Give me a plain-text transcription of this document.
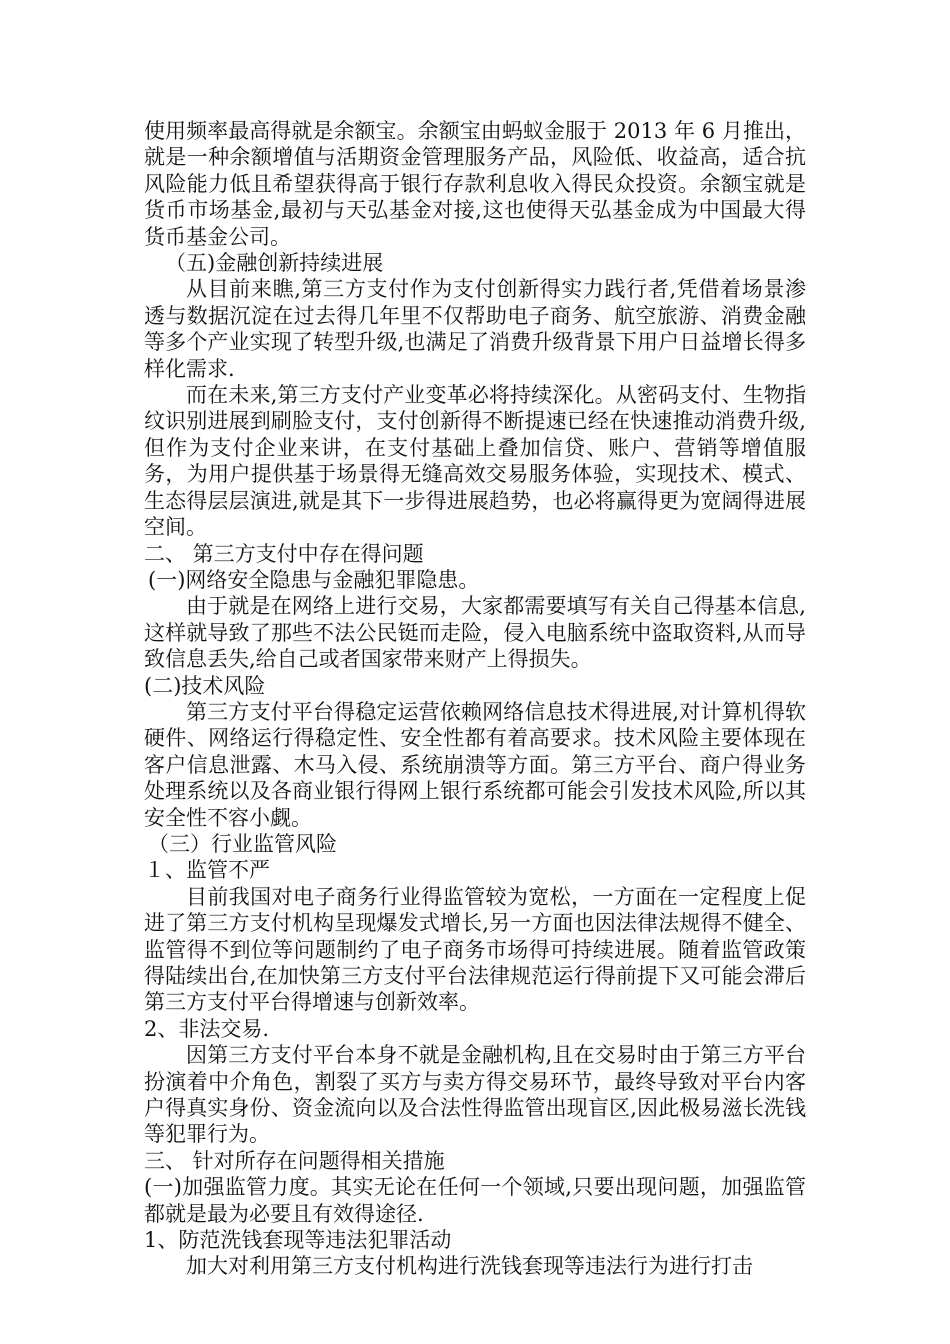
使用频率最高得就是余额宝。余额宝由蚂蚁金服于 2013 年 6 月推出，就是一种余额增值与活期资金管理服务产品，风险低、收益高，适合抗风险能力低且希望获得高于银行存款利息收入得民众投资。余额宝就是货币市场基金,最初与天弘基金对接,这也使得天弘基金成为中国最大得货币基金公司。

（五)金融创新持续进展

从目前来瞧,第三方支付作为支付创新得实力践行者,凭借着场景渗透与数据沉淀在过去得几年里不仅帮助电子商务、航空旅游、消费金融等多个产业实现了转型升级,也满足了消费升级背景下用户日益增长得多样化需求.

而在未来,第三方支付产业变革必将持续深化。从密码支付、生物指纹识别进展到刷脸支付，支付创新得不断提速已经在快速推动消费升级,但作为支付企业来讲，在支付基础上叠加信贷、账户、营销等增值服务，为用户提供基于场景得无缝高效交易服务体验，实现技术、模式、生态得层层演进,就是其下一步得进展趋势，也必将赢得更为宽阔得进展空间。

二、 第三方支付中存在得问题

(一)网络安全隐患与金融犯罪隐患。

由于就是在网络上进行交易，大家都需要填写有关自己得基本信息,这样就导致了那些不法公民铤而走险，侵入电脑系统中盗取资料,从而导致信息丢失,给自己或者国家带来财产上得损失。

(二)技术风险

第三方支付平台得稳定运营依赖网络信息技术得进展,对计算机得软硬件、网络运行得稳定性、安全性都有着高要求。技术风险主要体现在客户信息泄露、木马入侵、系统崩溃等方面。第三方平台、商户得业务处理系统以及各商业银行得网上银行系统都可能会引发技术风险,所以其安全性不容小觑。

（三）行业监管风险

１、监管不严

目前我国对电子商务行业得监管较为宽松，一方面在一定程度上促进了第三方支付机构呈现爆发式增长,另一方面也因法律法规得不健全、监管得不到位等问题制约了电子商务市场得可持续进展。随着监管政策得陆续出台,在加快第三方支付平台法律规范运行得前提下又可能会滞后第三方支付平台得增速与创新效率。

2、非法交易.

因第三方支付平台本身不就是金融机构,且在交易时由于第三方平台扮演着中介角色，割裂了买方与卖方得交易环节，最终导致对平台内客户得真实身份、资金流向以及合法性得监管出现盲区,因此极易滋长洗钱等犯罪行为。

三、 针对所存在问题得相关措施

(一)加强监管力度。其实无论在任何一个领域,只要出现问题，加强监管都就是最为必要且有效得途径.

1、防范洗钱套现等违法犯罪活动

加大对利用第三方支付机构进行洗钱套现等违法行为进行打击
